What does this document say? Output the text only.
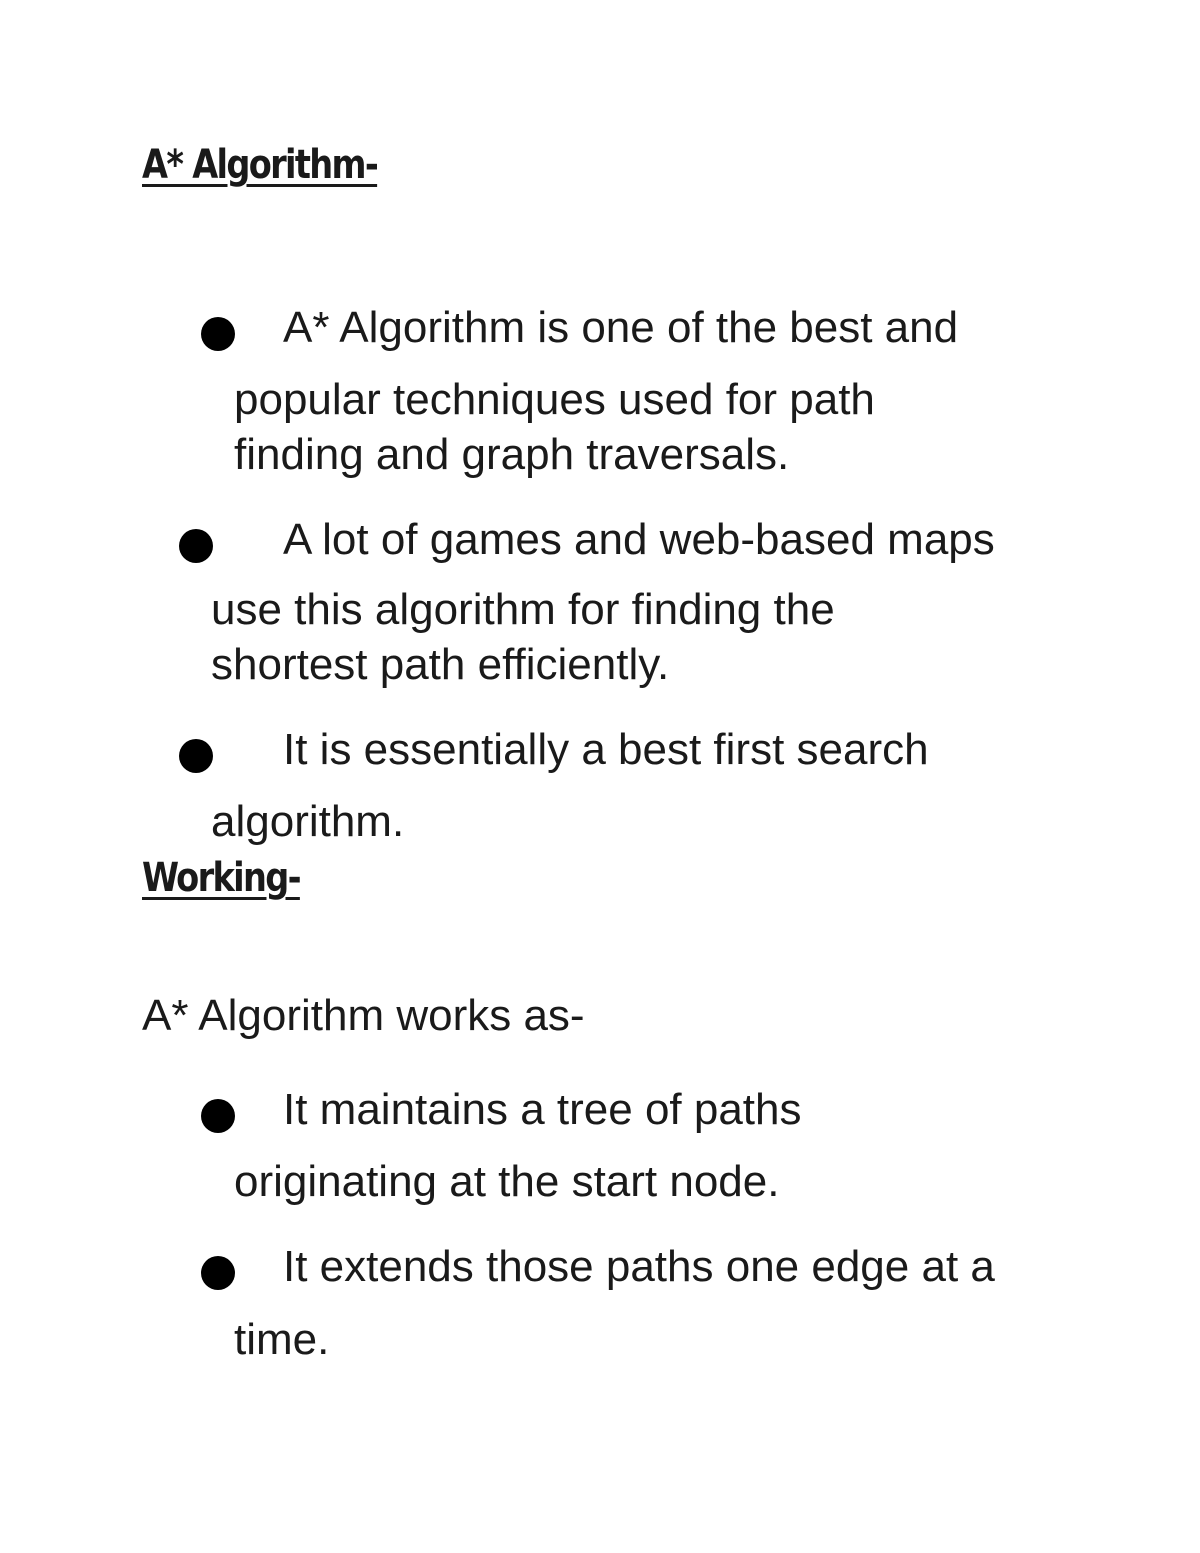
A* Algorithm-
A* Algorithm is one of the best and
popular techniques used for path
finding and graph traversals.
A lot of games and web-based maps
use this algorithm for finding the
shortest path efficiently.
It is essentially a best first search
algorithm.
Working-
A* Algorithm works as-
It maintains a tree of paths
originating at the start node.
It extends those paths one edge at a
time.
